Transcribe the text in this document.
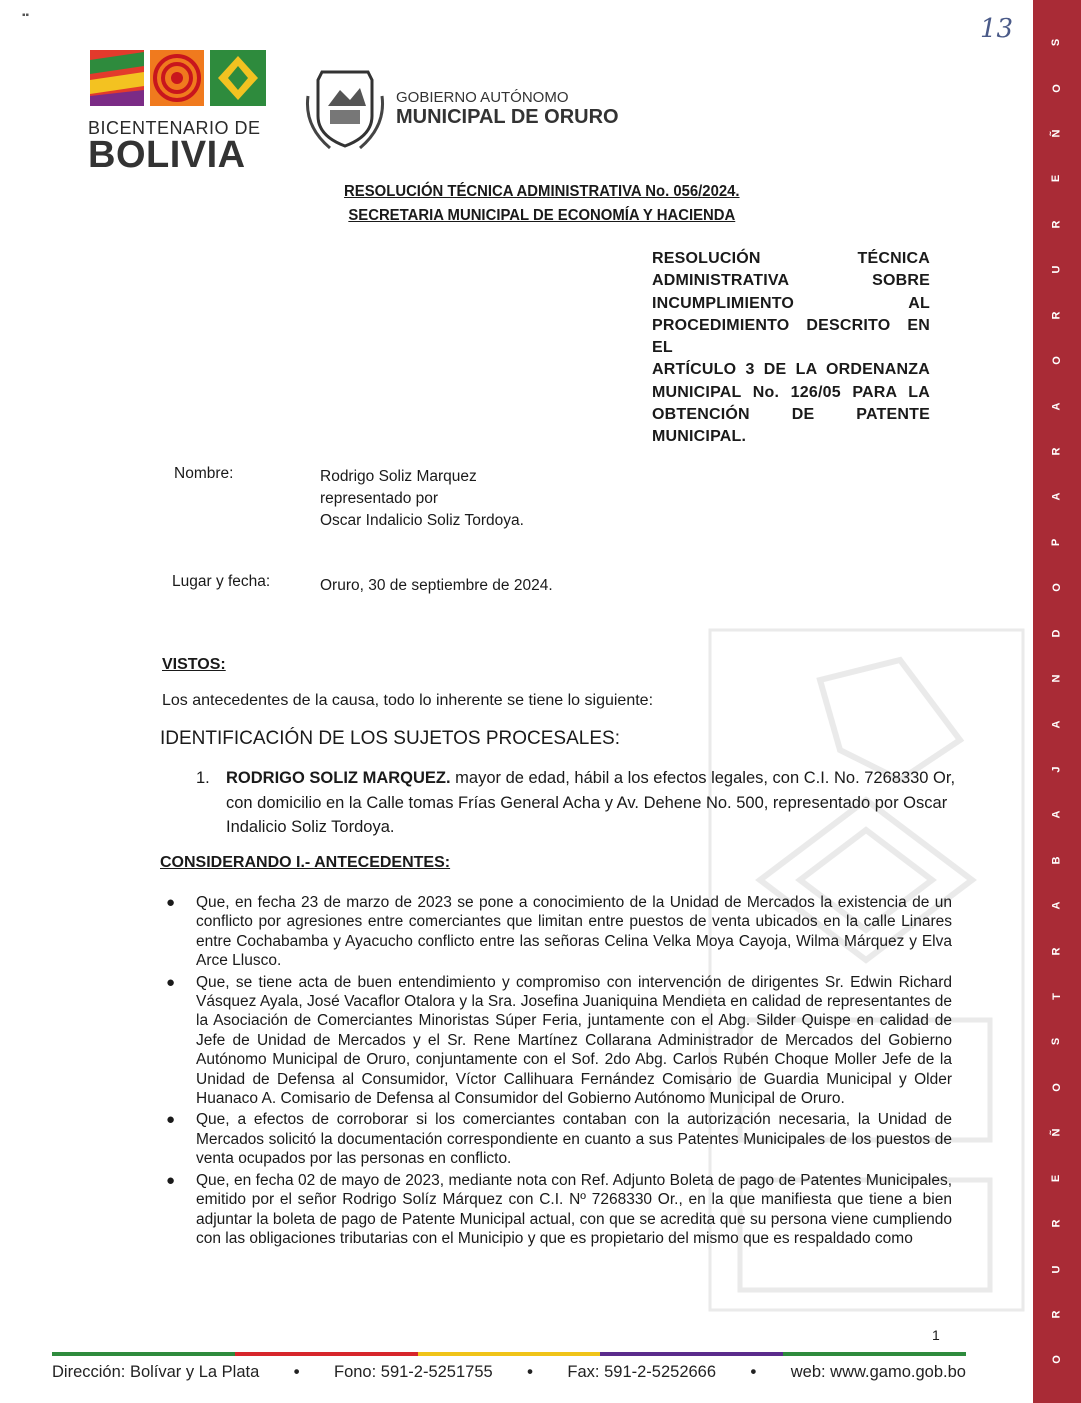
▪▪	13
BICENTENARIO DE
BOLIVIA
GOBIERNO AUTÓNOMO
MUNICIPAL DE ORURO
S
O
Ñ
E
R
U
R
O
A
R
A
P
O
D
N
A
J
A
B
A
R
T
S
O
Ñ
E
R
U
R
O
RESOLUCIÓN TÉCNICA ADMINISTRATIVA No. 056/2024.
SECRETARIA MUNICIPAL DE ECONOMÍA Y HACIENDA

RESOLUCIÓN TÉCNICA

ADMINISTRATIVA SOBRE

INCUMPLIMIENTO AL

PROCEDIMIENTO DESCRITO EN EL

ARTÍCULO 3 DE LA ORDENANZA

MUNICIPAL No. 126/05 PARA LA

OBTENCIÓN DE PATENTE

MUNICIPAL.

Nombre:	Rodrigo Soliz Marquez
representado por
Oscar Indalicio Soliz Tordoya.
Lugar y fecha:	Oruro, 30 de septiembre de 2024.
VISTOS:
Los antecedentes de la causa, todo lo inherente se tiene lo siguiente:
IDENTIFICACIÓN DE LOS SUJETOS PROCESALES:
1. RODRIGO SOLIZ MARQUEZ. mayor de edad, hábil a los efectos legales, con C.I. No. 7268330 Or, con domicilio en la Calle tomas Frías General Acha y Av. Dehene No. 500, representado por Oscar Indalicio Soliz Tordoya.
CONSIDERANDO I.- ANTECEDENTES:
● Que, en fecha 23 de marzo de 2023 se pone a conocimiento de la Unidad de Mercados la existencia de un conflicto por agresiones entre comerciantes que limitan entre puestos de venta ubicados en la calle Linares entre Cochabamba y Ayacucho conflicto entre las señoras Celina Velka Moya Cayoja, Wilma Márquez y Elva Arce Llusco.
● Que, se tiene acta de buen entendimiento y compromiso con intervención de dirigentes Sr. Edwin Richard Vásquez Ayala, José Vacaflor Otalora y la Sra. Josefina Juaniquina Mendieta en calidad de representantes de la Asociación de Comerciantes Minoristas Súper Feria, juntamente con el Abg. Silder Quispe en calidad de Jefe de Unidad de Mercados y el Sr. Rene Martínez Collarana Administrador de Mercados del Gobierno Autónomo Municipal de Oruro, conjuntamente con el Sof. 2do Abg. Carlos Rubén Choque Moller Jefe de la Unidad de Defensa al Consumidor, Víctor Callihuara Fernández Comisario de Guardia Municipal y Older Huanaco A. Comisario de Defensa al Consumidor del Gobierno Autónomo Municipal de Oruro.
● Que, a efectos de corroborar si los comerciantes contaban con la autorización necesaria, la Unidad de Mercados solicitó la documentación correspondiente en cuanto a sus Patentes Municipales de los puestos de venta ocupados por las personas en conflicto.
● Que, en fecha 02 de mayo de 2023, mediante nota con Ref. Adjunto Boleta de pago de Patentes Municipales, emitido por el señor Rodrigo Solíz Márquez con C.I. Nº 7268330 Or., en la que manifiesta que tiene a bien adjuntar la boleta de pago de Patente Municipal actual, con que se acredita que su persona viene cumpliendo con las obligaciones tributarias con el Municipio y que es propietario del mismo que es respaldado como
1
Dirección: Bolívar y La Plata • Fono: 591-2-5251755 • Fax: 591-2-5252666 • web: www.gamo.gob.bo
